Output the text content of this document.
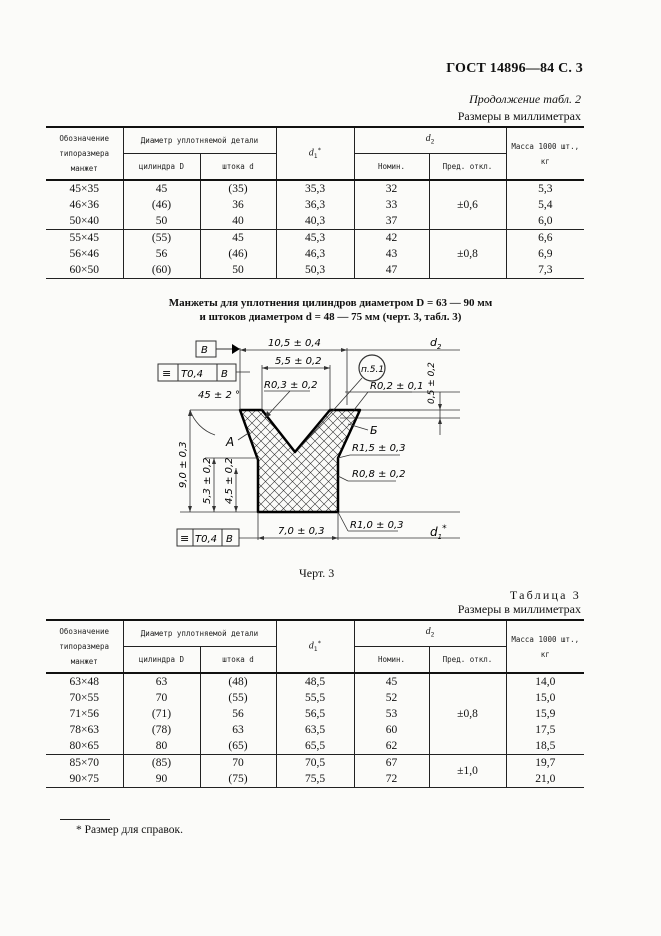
ГОСТ 14896—84 С. 3
Продолжение табл. 2
Размеры в миллиметрах
Обозначение типоразмера манжет	Диаметр уплотняемой детали		$d_1^*$	$d_2$		Масса 1000 шт., кг
	цилиндра D	штока d		Номин.	Пред. откл.	
45×35	45	(35)	35,3	32	±0,6	5,3
46×36	(46)	36	36,3	33		5,4
50×40	50	40	40,3	37		6,0
55×45	(55)	45	45,3	42	±0,8	6,6
56×46	56	(46)	46,3	43		6,9
60×50	(60)	50	50,3	47		7,3
Манжеты для уплотнения цилиндров диаметром D = 63 — 90 мм
и штоков диаметром d = 48 — 75 мм (черт. 3, табл. 3)
10,5 ± 0,4
5,5 ± 0,2
$d_2$
В
≡ Т0,4 В
45 ± 2 °
R0,3 ± 0,2
п.5.1
R0,2 ± 0,1 0,5 ± 0,2
А
Б
R1,5 ± 0,3
R0,8 ± 0,2
9,0 ± 0,3 5,3 ± 0,2 4,5 ± 0,2
≡ Т0,4 В
7,0 ± 0,3
R1,0 ± 0,3 $d_1^*$
Черт. 3
Таблица 3
Размеры в миллиметрах
Обозначение типоразмера манжет	Диаметр уплотняемой детали		$d_1^*$	$d_2$		Масса 1000 шт., кг
	цилиндра D	штока d		Номин.	Пред. откл.	
63×48	63	(48)	48,5	45	±0,8	14,0
70×55	70	(55)	55,5	52		15,0
71×56	(71)	56	56,5	53		15,9
78×63	(78)	63	63,5	60		17,5
80×65	80	(65)	65,5	62		18,5
85×70	(85)	70	70,5	67	±1,0	19,7
90×75	90	(75)	75,5	72		21,0
* Размер для справок.
